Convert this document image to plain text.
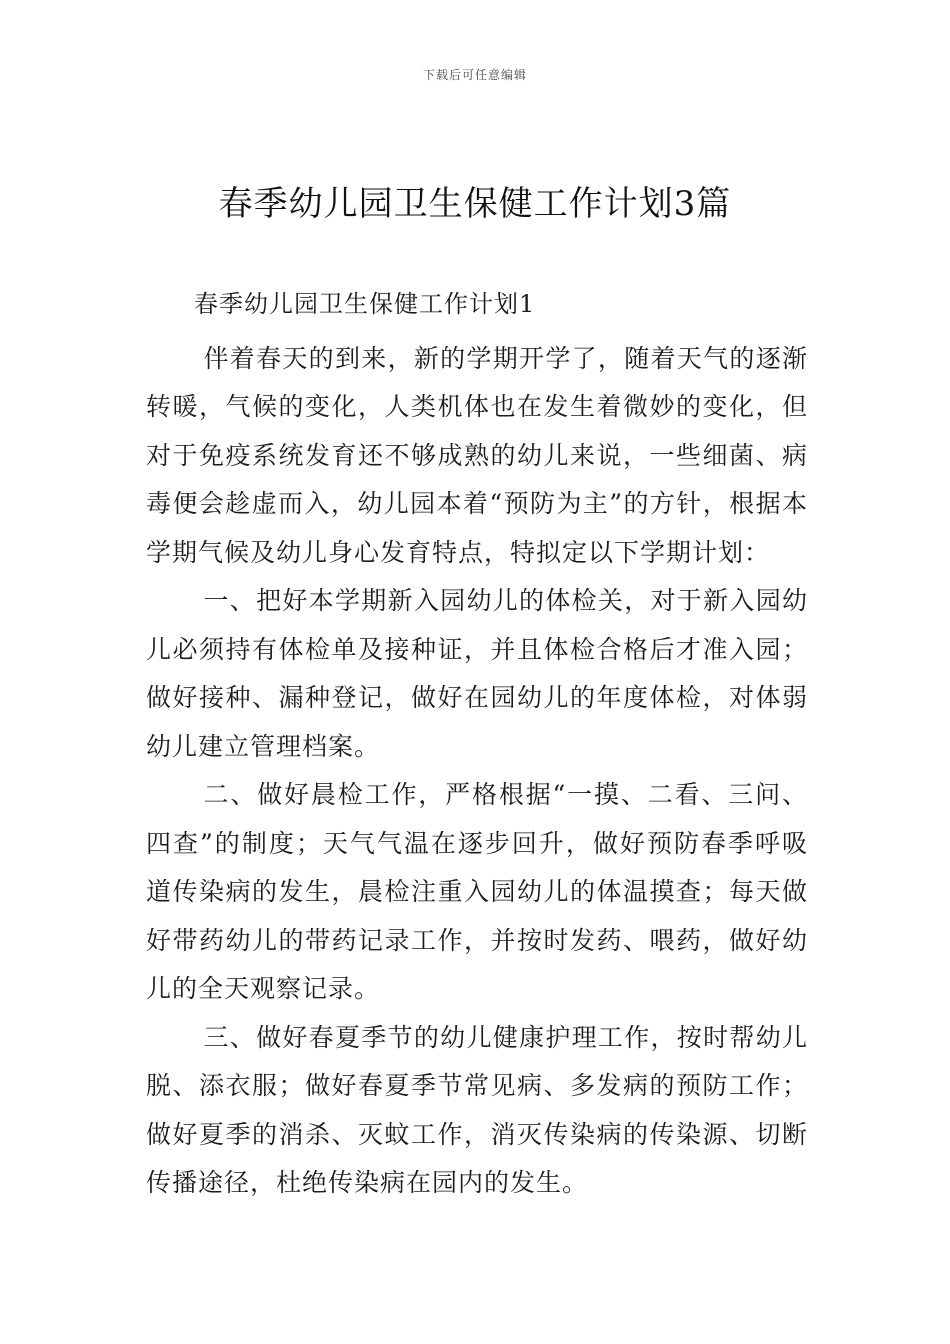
下载后可任意编辑
春季幼儿园卫生保健工作计划3篇

春季幼儿园卫生保健工作计划1

伴着春天的到来，新的学期开学了，随着天气的逐渐转暖，气候的变化，人类机体也在发生着微妙的变化，但对于免疫系统发育还不够成熟的幼儿来说，一些细菌、病毒便会趁虚而入，幼儿园本着“预防为主”的方针，根据本学期气候及幼儿身心发育特点，特拟定以下学期计划：

一、把好本学期新入园幼儿的体检关，对于新入园幼儿必须持有体检单及接种证，并且体检合格后才准入园；做好接种、漏种登记，做好在园幼儿的年度体检，对体弱幼儿建立管理档案。

二、做好晨检工作，严格根据“一摸、二看、三问、四查”的制度；天气气温在逐步回升，做好预防春季呼吸道传染病的发生，晨检注重入园幼儿的体温摸查；每天做好带药幼儿的带药记录工作，并按时发药、喂药，做好幼儿的全天观察记录。

三、做好春夏季节的幼儿健康护理工作，按时帮幼儿脱、添衣服；做好春夏季节常见病、多发病的预防工作；做好夏季的消杀、灭蚊工作，消灭传染病的传染源、切断传播途径，杜绝传染病在园内的发生。
